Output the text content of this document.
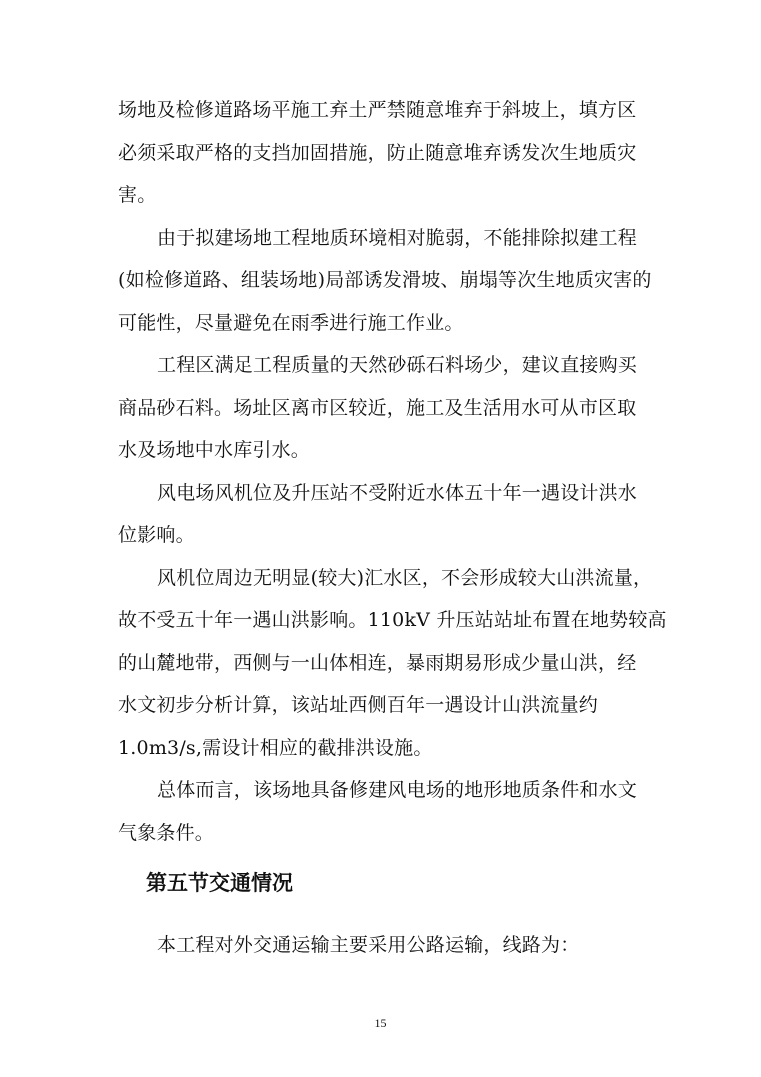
场地及检修道路场平施工弃土严禁随意堆弃于斜坡上，填方区
必须采取严格的支挡加固措施，防止随意堆弃诱发次生地质灾
害。
由于拟建场地工程地质环境相对脆弱，不能排除拟建工程
(如检修道路、组装场地)局部诱发滑坡、崩塌等次生地质灾害的
可能性，尽量避免在雨季进行施工作业。
工程区满足工程质量的天然砂砾石料场少，建议直接购买
商品砂石料。场址区离市区较近，施工及生活用水可从市区取
水及场地中水库引水。
风电场风机位及升压站不受附近水体五十年一遇设计洪水
位影响。
风机位周边无明显(较大)汇水区，不会形成较大山洪流量，
故不受五十年一遇山洪影响。110kV 升压站站址布置在地势较高
的山麓地带，西侧与一山体相连，暴雨期易形成少量山洪，经
水文初步分析计算，该站址西侧百年一遇设计山洪流量约
1.0m3/s,需设计相应的截排洪设施。
总体而言，该场地具备修建风电场的地形地质条件和水文
气象条件。
第五节交通情况
本工程对外交通运输主要采用公路运输，线路为：
15
